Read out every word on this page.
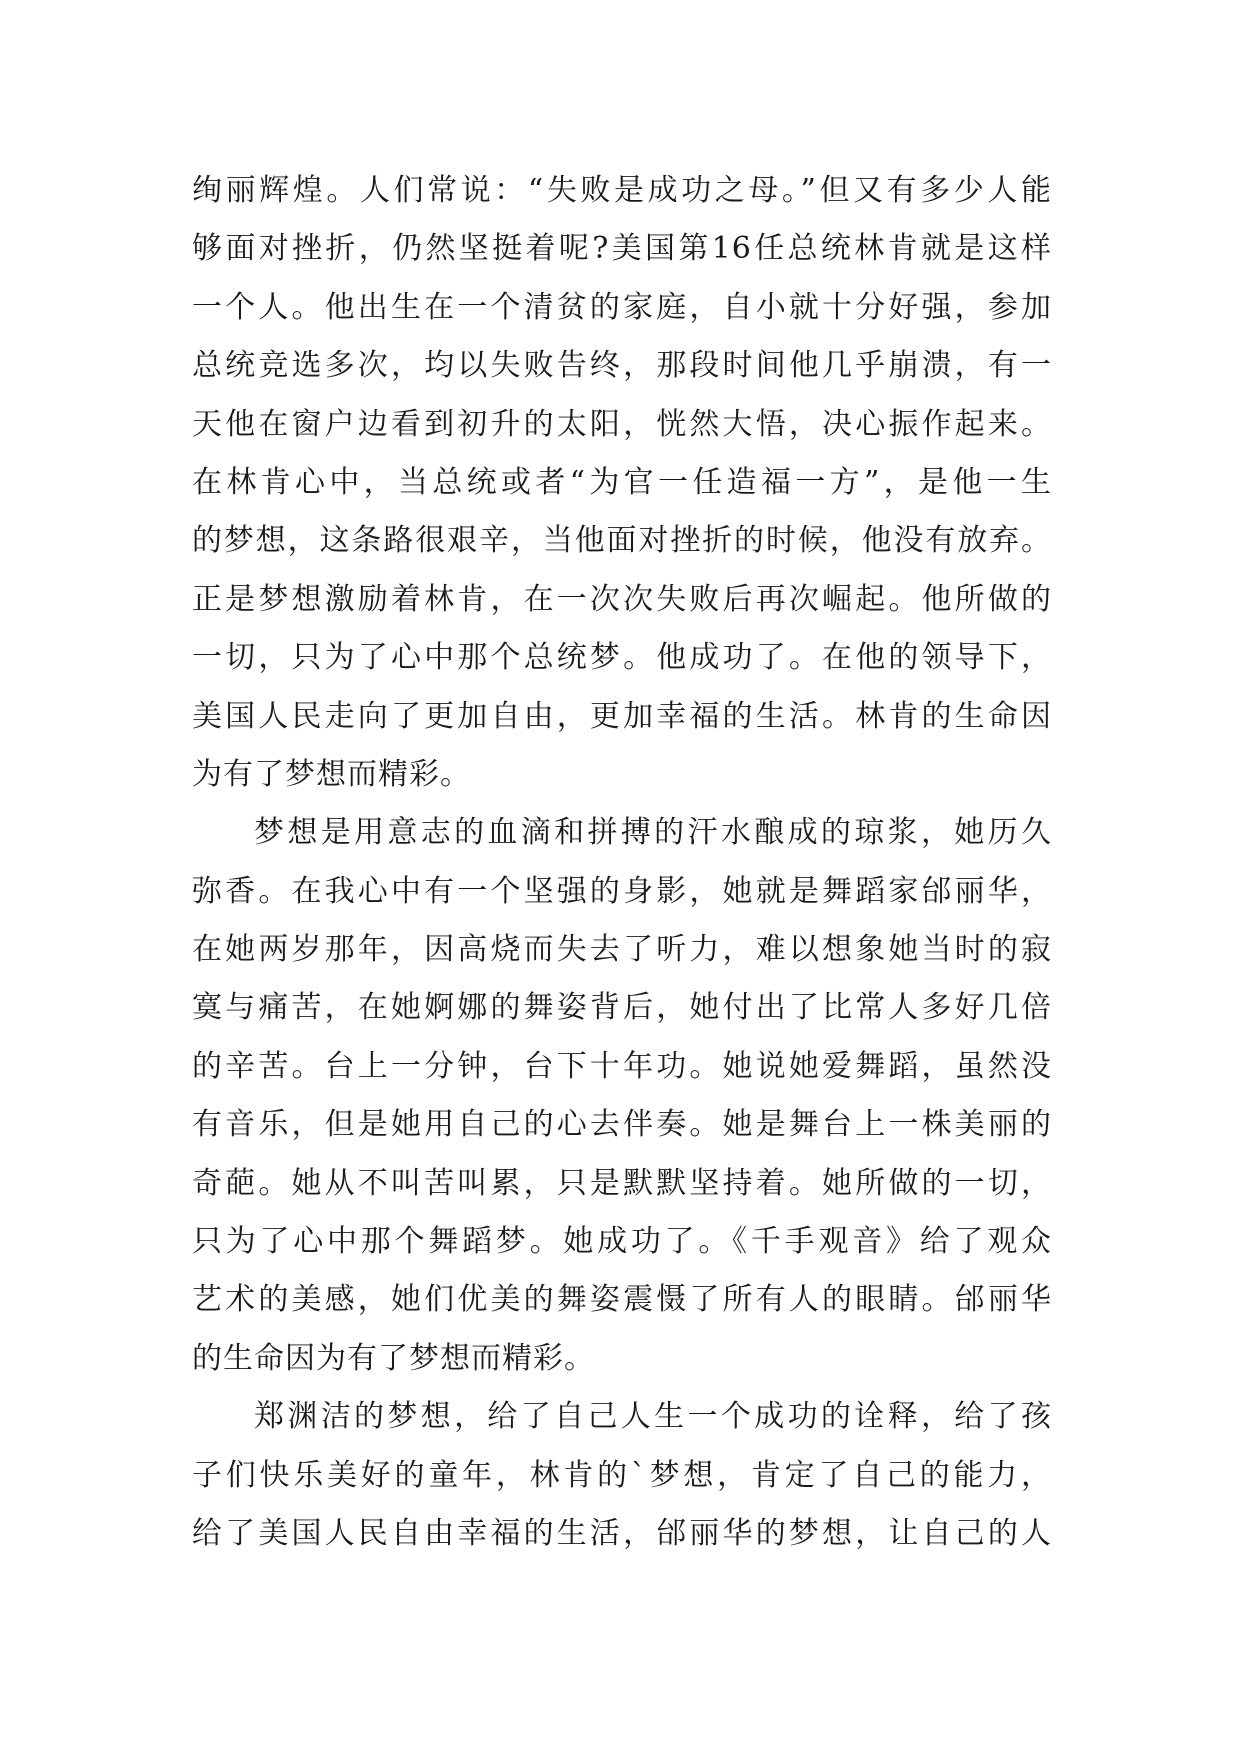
绚丽辉煌。人们常说：“失败是成功之母。”但又有多少人能
够面对挫折，仍然坚挺着呢?美国第16任总统林肯就是这样
一个人。他出生在一个清贫的家庭，自小就十分好强，参加
总统竞选多次，均以失败告终，那段时间他几乎崩溃，有一
天他在窗户边看到初升的太阳，恍然大悟，决心振作起来。
在林肯心中，当总统或者“为官一任造福一方”，是他一生
的梦想，这条路很艰辛，当他面对挫折的时候，他没有放弃。
正是梦想激励着林肯，在一次次失败后再次崛起。他所做的
一切，只为了心中那个总统梦。他成功了。在他的领导下，
美国人民走向了更加自由，更加幸福的生活。林肯的生命因
为有了梦想而精彩。
梦想是用意志的血滴和拼搏的汗水酿成的琼浆，她历久
弥香。在我心中有一个坚强的身影，她就是舞蹈家邰丽华，
在她两岁那年，因高烧而失去了听力，难以想象她当时的寂
寞与痛苦，在她婀娜的舞姿背后，她付出了比常人多好几倍
的辛苦。台上一分钟，台下十年功。她说她爱舞蹈，虽然没
有音乐，但是她用自己的心去伴奏。她是舞台上一株美丽的
奇葩。她从不叫苦叫累，只是默默坚持着。她所做的一切，
只为了心中那个舞蹈梦。她成功了。《千手观音》给了观众
艺术的美感，她们优美的舞姿震慑了所有人的眼睛。邰丽华
的生命因为有了梦想而精彩。
郑渊洁的梦想，给了自己人生一个成功的诠释，给了孩
子们快乐美好的童年，林肯的`梦想，肯定了自己的能力，
给了美国人民自由幸福的生活，邰丽华的梦想，让自己的人
